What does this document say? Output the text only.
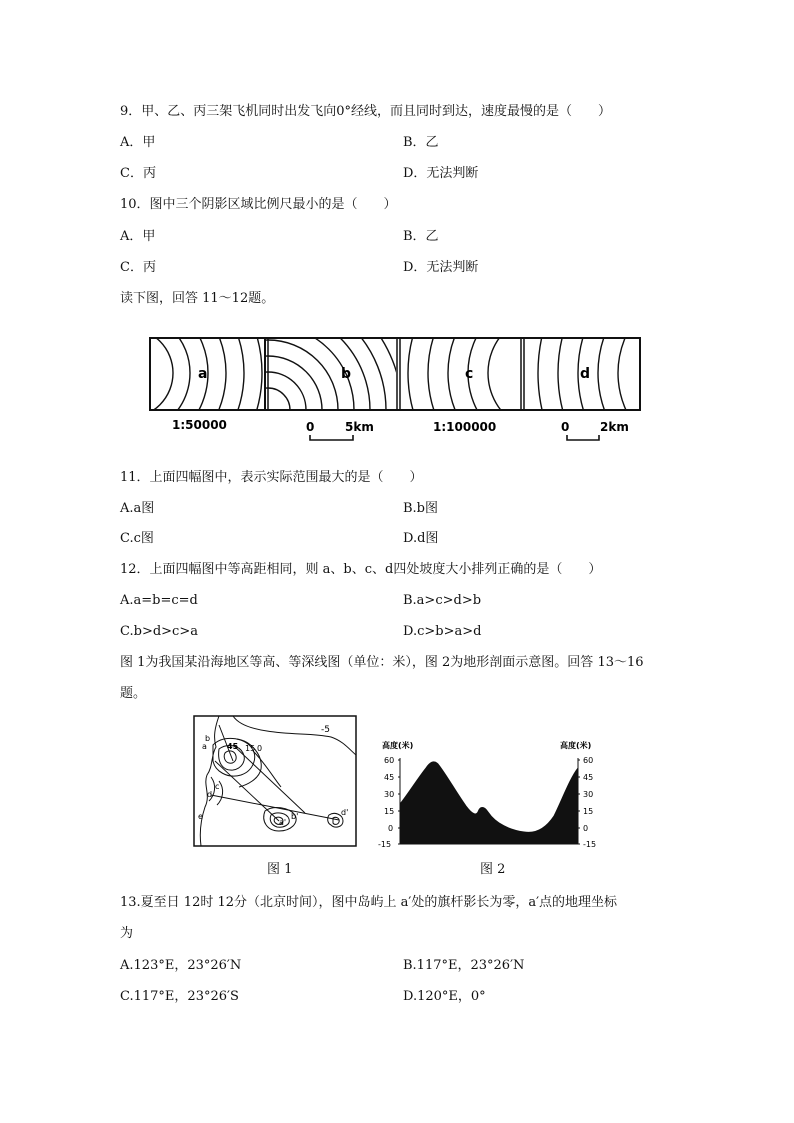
9．甲、乙、丙三架飞机同时出发飞向0°经线，而且同时到达，速度最慢的是（　　）
A．甲	B．乙
C．丙	D．无法判断
10．图中三个阴影区域比例尺最小的是（　　）
A．甲	B．乙
C．丙	D．无法判断
读下图，回答 11～12题。
a	b	c	d
1:50000	0	5km	1:100000	0	2km
11．上面四幅图中，表示实际范围最大的是（　　）
A.a图	B.b图
C.c图	D.d图
12．上面四幅图中等高距相同，则 a、b、c、d四处坡度大小排列正确的是（　　）
A.a=b=c=d	B.a>c>d>b
C.b>d>c>a	D.c>b>a>d
图 1为我国某沿海地区等高、等深线图（单位：米），图 2为地形剖面示意图。回答 13～16
题。
-5
45 15 0
b
a
c
d
e	b'
a'
d'
高度(米)	高度(米)
60
45
30
15
0
-15
60
45
30
15
0
-15
图 1	图 2
13.夏至日 12时 12分（北京时间），图中岛屿上 a′处的旗杆影长为零，a′点的地理坐标
为
A.123°E，23°26′N	B.117°E，23°26′N
C.117°E，23°26′S	D.120°E，0°
